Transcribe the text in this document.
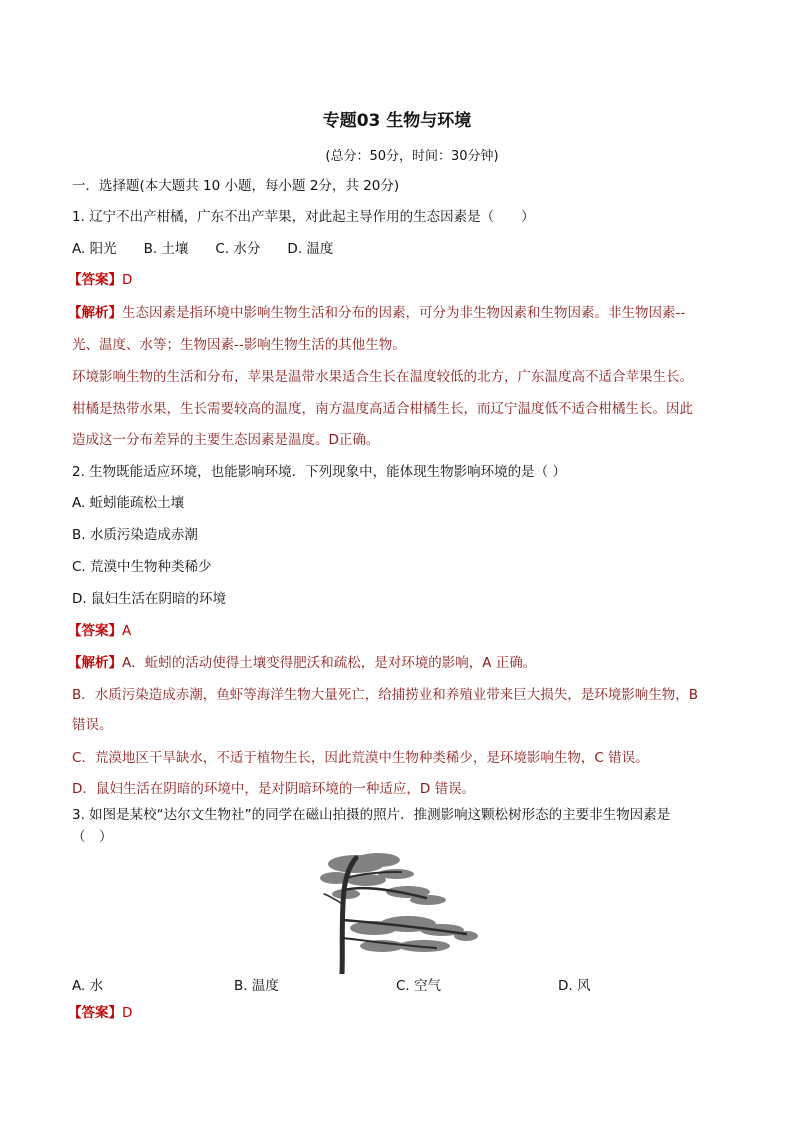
专题03 生物与环境
(总分：50分，时间：30分钟)
一．选择题(本大题共 10 小题，每小题 2分，共 20分)
1. 辽宁不出产柑橘，广东不出产苹果，对此起主导作用的生态因素是（　　）
A. 阳光　　B. 土壤　　C. 水分　　D. 温度
【答案】D
【解析】生态因素是指环境中影响生物生活和分布的因素，可分为非生物因素和生物因素。非生物因素--
光、温度、水等；生物因素--影响生物生活的其他生物。
环境影响生物的生活和分布，苹果是温带水果适合生长在温度较低的北方，广东温度高不适合苹果生长。
柑橘是热带水果，生长需要较高的温度，南方温度高适合柑橘生长，而辽宁温度低不适合柑橘生长。因此
造成这一分布差异的主要生态因素是温度。D正确。
2. 生物既能适应环境，也能影响环境．下列现象中，能体现生物影响环境的是（ ）
A. 蚯蚓能疏松土壤
B. 水质污染造成赤潮
C. 荒漠中生物种类稀少
D. 鼠妇生活在阴暗的环境
【答案】A
【解析】A．蚯蚓的活动使得土壤变得肥沃和疏松，是对环境的影响，A 正确。
B．水质污染造成赤潮，鱼虾等海洋生物大量死亡，给捕捞业和养殖业带来巨大损失，是环境影响生物，B
错误。
C．荒漠地区干旱缺水，不适于植物生长，因此荒漠中生物种类稀少，是环境影响生物，C 错误。
D．鼠妇生活在阴暗的环境中，是对阴暗环境的一种适应，D 错误。
3. 如图是某校“达尔文生物社”的同学在磁山拍摄的照片．推测影响这颗松树形态的主要非生物因素是
（　）
A. 水	B. 温度	C. 空气	D. 风
【答案】D
